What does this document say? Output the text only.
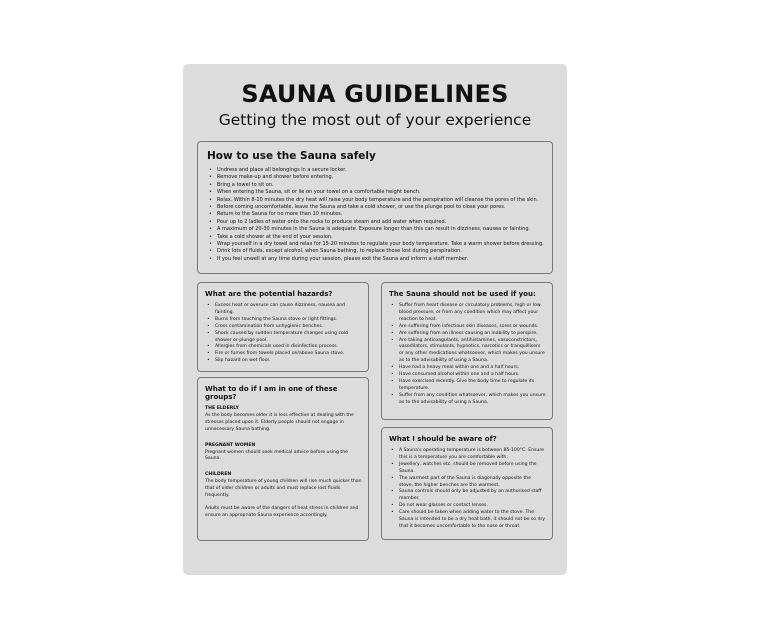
SAUNA GUIDELINES
Getting the most out of your experience
How to use the Sauna safely
• Undress and place all belongings in a secure locker.
• Remove make-up and shower before entering.
• Bring a towel to sit on.
• When entering the Sauna, sit or lie on your towel on a comfortable height bench.
• Relax. Within 8-10 minutes the dry heat will raise your body temperature and the perspiration will cleanse the pores of the skin.
• Before coming uncomfortable, leave the Sauna and take a cold shower, or use the plunge pool to close your pores.
• Return to the Sauna for no more than 10 minutes.
• Pour up to 2 ladles of water onto the rocks to produce steam and add water when required.
• A maximum of 20-30 minutes in the Sauna is adequate. Exposure longer than this can result in dizziness, nausea or fainting.
• Take a cold shower at the end of your session.
• Wrap yourself in a dry towel and relax for 15-20 minutes to regulate your body temperature. Take a warm shower before dressing.
• Drink lots of fluids, except alcohol, when Sauna bathing, to replace those lost during perspiration.
• If you feel unwell at any time during your session, please exit the Sauna and inform a staff member.
What are the potential hazards?
• Excess heat or overuse can cause dizziness, nausea and fainting.
• Burns from touching the Sauna stove or light fittings.
• Cross contamination from unhygienic benches.
• Shock caused by sudden temperature changes using cold shower or plunge pool.
• Allergies from chemicals used in disinfection process.
• Fire or fumes from towels placed on/above Sauna stove.
• Slip hazard on wet floor.
The Sauna should not be used if you:
• Suffer from heart disease or circulatory problems, high or low blood pressure, or from any condition which may affect your reaction to heat.
• Are suffering from infectious skin diseases, sores or wounds.
• Are suffering from an illness causing an inability to perspire.
• Are taking anticoagulants, antihistamines, vasoconstrictors, vasodilators, stimulants, hypnotics, narcotics or tranquillisers or any other medications whatsoever, which makes you unsure as to the advisability of using a Sauna.
• Have had a heavy meal within one and a half hours.
• Have consumed alcohol within one and a half hours.
• Have exercised recently. Give the body time to regulate its temperature.
• Suffer from any condition whatsoever, which makes you unsure as to the advisability of using a Sauna.
What to do if I am in one of these groups?
THE ELDERLY
As the body becomes older it is less effective at dealing with the stresses placed upon it. Elderly people should not engage in unnecessary Sauna bathing.
PREGNANT WOMEN
Pregnant women should seek medical advice before using the Sauna.
CHILDREN
The body temperature of young children will rise much quicker than that of older children or adults and must replace lost fluids frequently.
Adults must be aware of the dangers of heat stress in children and ensure an appropriate Sauna experience accordingly.
What I should be aware of?
• A Sauna's operating temperature is between 85-100°C. Ensure this is a temperature you are comfortable with.
• Jewellery, watches etc. should be removed before using the Sauna.
• The warmest part of the Sauna is diagonally opposite the stove, the higher benches are the warmest.
• Sauna controls should only be adjusted by an authorised staff member.
• Do not wear glasses or contact lenses.
• Care should be taken when adding water to the stove. The Sauna is intended to be a dry heat bath, it should not be so dry that it becomes uncomfortable to the nose or throat.
